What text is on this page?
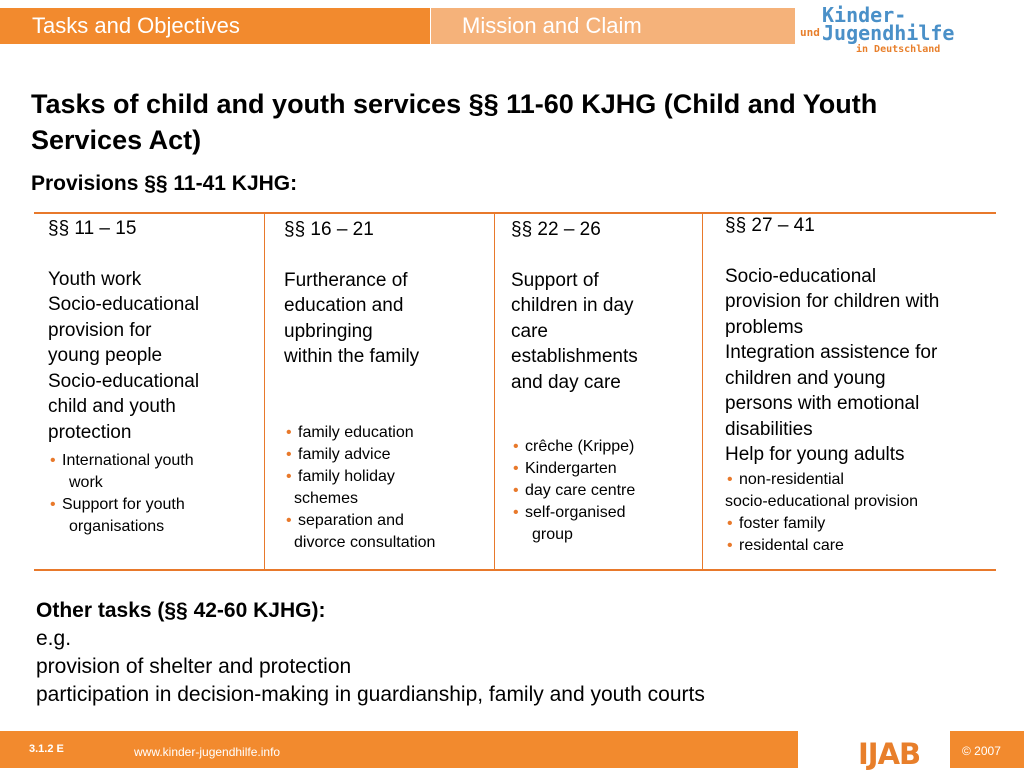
Tasks and Objectives	Mission and Claim	Kinder-
und Jugendhilfe
in Deutschland
Tasks of child and youth services §§ 11-60 KJHG (Child and Youth Services Act)
Provisions §§ 11-41 KJHG:
§§ 11 – 15
Youth work
Socio-educational
provision for
young people
Socio-educational
child and youth
protection
• International youth
work
• Support for youth
organisations
§§ 16 – 21
Furtherance of
education and
upbringing
within the family
• family education
• family advice
• family holiday
schemes
• separation and
divorce consultation
§§ 22 – 26
Support of
children in day
care
establishments
and day care
• crêche (Krippe)
• Kindergarten
• day care centre
• self-organised
group
§§ 27 – 41
Socio-educational
provision for children with
problems
Integration assistence for
children and young
persons with emotional
disabilities
Help for young adults
• non-residential
socio-educational provision
• foster family
• residental care
Other tasks (§§ 42-60 KJHG):
e.g.
provision of shelter and protection
participation in decision-making in guardianship, family and youth courts
3.1.2 E	www.kinder-jugendhilfe.info	IJAB	© 2007
